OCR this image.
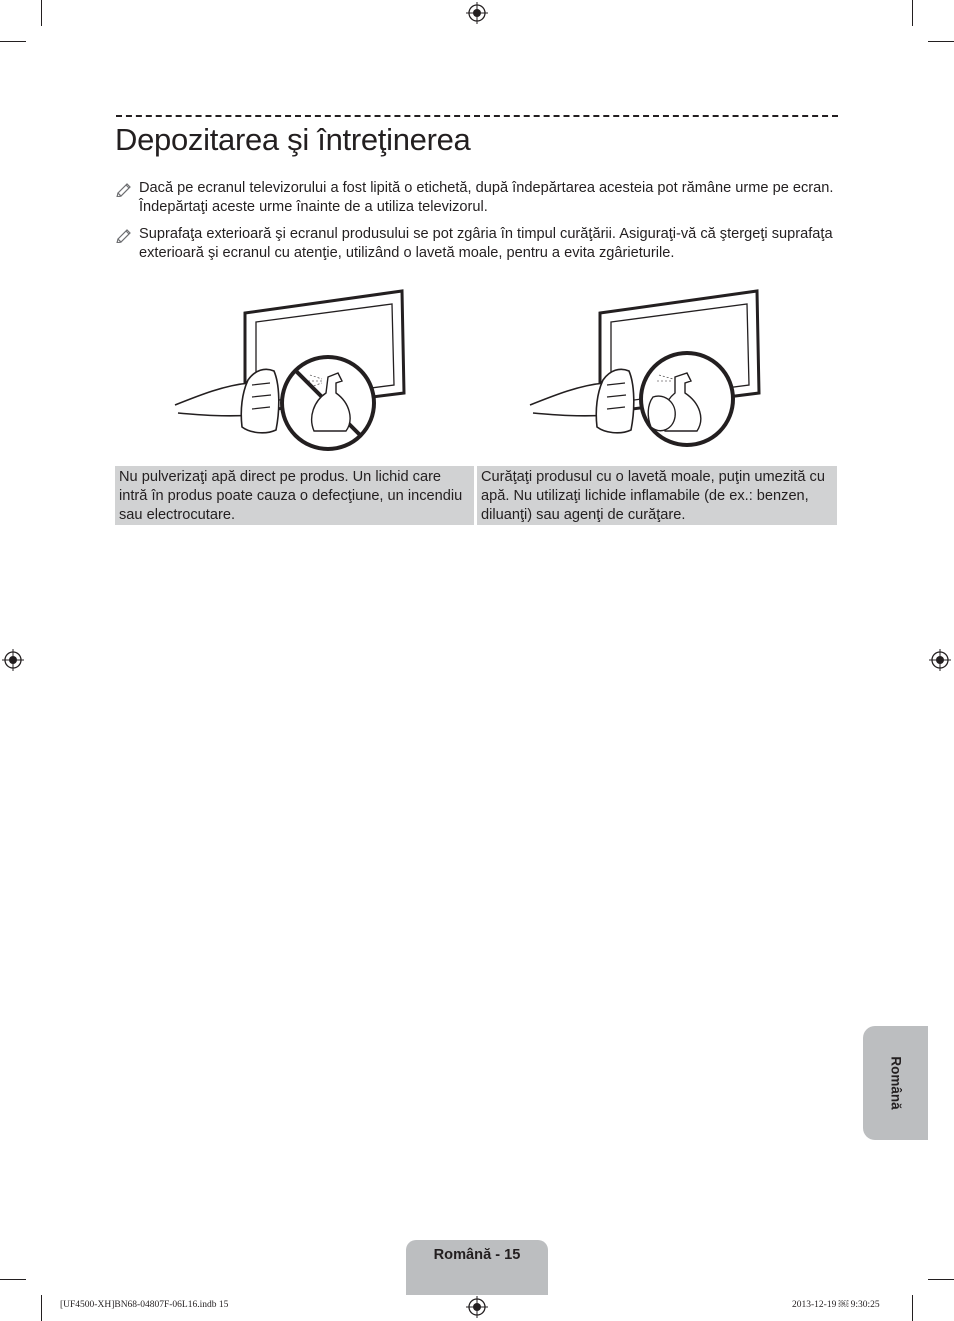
Depozitarea şi întreţinerea
Dacă pe ecranul televizorului a fost lipită o etichetă, după îndepărtarea acesteia pot rămâne urme pe ecran. Îndepărtaţi aceste urme înainte de a utiliza televizorul.
Suprafaţa exterioară şi ecranul produsului se pot zgâria în timpul curăţării. Asiguraţi-vă că ştergeţi suprafaţa exterioară şi ecranul cu atenţie, utilizând o lavetă moale, pentru a evita zgârieturile.
Nu pulverizaţi apă direct pe produs. Un lichid care intră în produs poate cauza o defecţiune, un incendiu sau electrocutare.
Curăţaţi produsul cu o lavetă moale, puţin umezită cu apă. Nu utilizaţi lichide inflamabile (de ex.: benzen, diluanţi) sau agenţi de curăţare.
Română
Română - 15
[UF4500-XH]BN68-04807F-06L16.indb 15	2013-12-19 ￼ 9:30:25
